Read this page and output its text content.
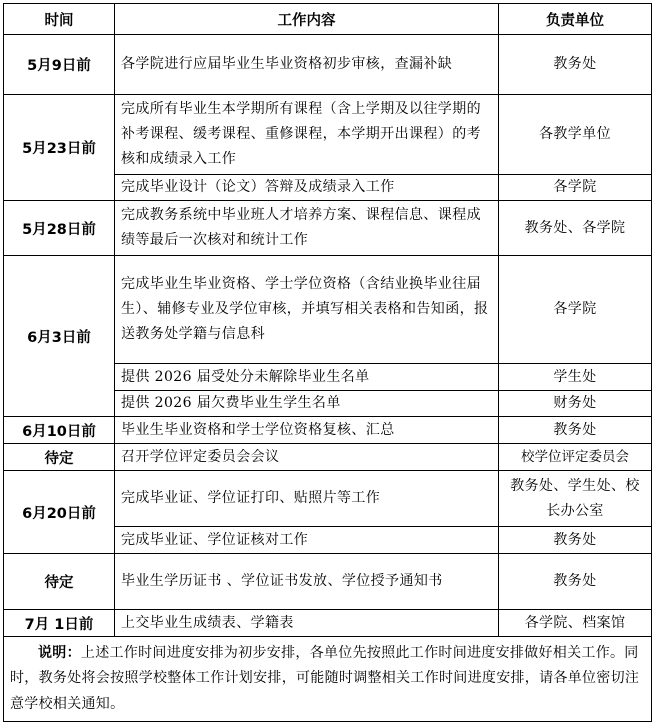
时间	工作内容	负责单位
5月9日前	各学院进行应届毕业生毕业资格初步审核，查漏补缺	教务处
5月23日前	完成所有毕业生本学期所有课程（含上学期及以往学期的补考课程、缓考课程、重修课程，本学期开出课程）的考核和成绩录入工作	各教学单位
	完成毕业设计（论文）答辩及成绩录入工作	各学院
5月28日前	完成教务系统中毕业班人才培养方案、课程信息、课程成绩等最后一次核对和统计工作	教务处、各学院
6月3日前	完成毕业生毕业资格、学士学位资格（含结业换毕业往届生）、辅修专业及学位审核，并填写相关表格和告知函，报送教务处学籍与信息科	各学院
	提供 2026 届受处分未解除毕业生名单	学生处
	提供 2026 届欠费毕业生学生名单	财务处
6月10日前	毕业生毕业资格和学士学位资格复核、汇总	教务处
待定	召开学位评定委员会会议	校学位评定委员会
6月20日前	完成毕业证、学位证打印、贴照片等工作	教务处、学生处、校长办公室
	完成毕业证、学位证核对工作	教务处
待定	毕业生学历证书 、学位证书发放、学位授予通知书	教务处
7月 1日前	上交毕业生成绩表、学籍表	各学院、档案馆
说明：上述工作时间进度安排为初步安排，各单位先按照此工作时间进度安排做好相关工作。同时，教务处将会按照学校整体工作计划安排，可能随时调整相关工作时间进度安排，请各单位密切注意学校相关通知。		
